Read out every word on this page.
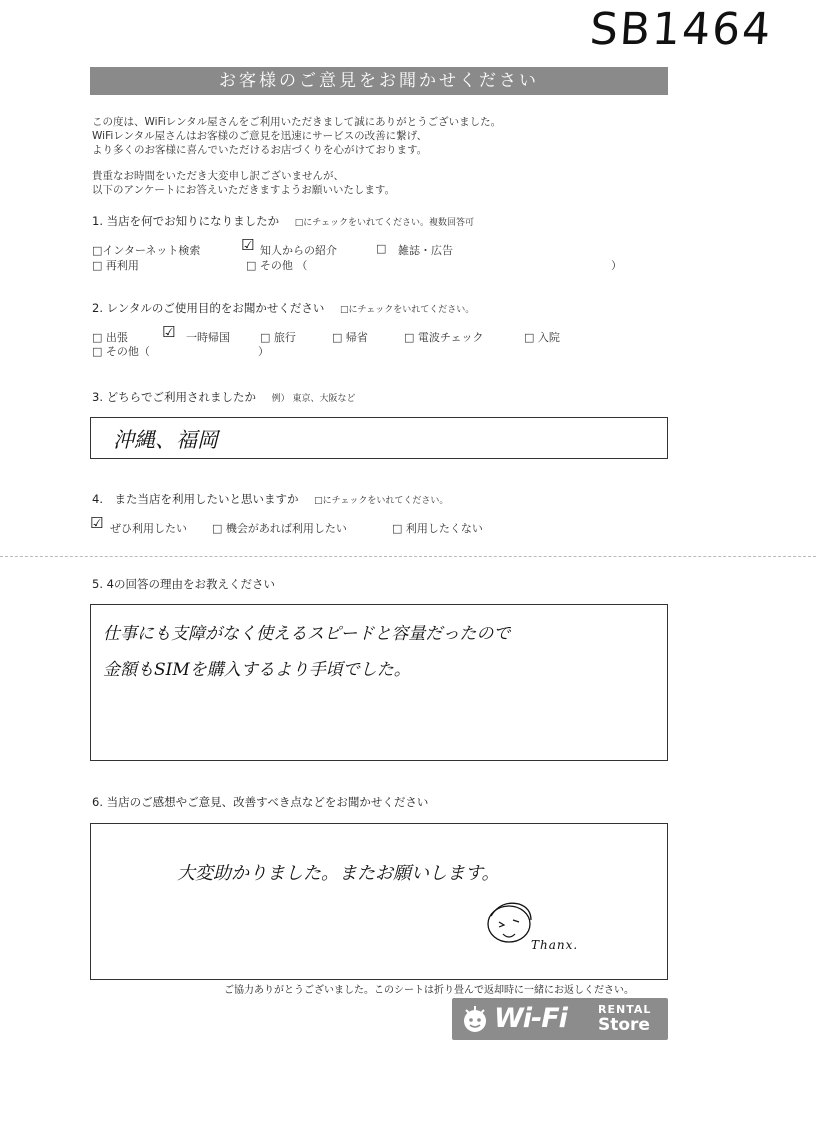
SB1464
お客様のご意見をお聞かせください
この度は、WiFiレンタル屋さんをご利用いただきまして誠にありがとうございました。
WiFiレンタル屋さんはお客様のご意見を迅速にサービスの改善に繋げ、
より多くのお客様に喜んでいただけるお店づくりを心がけております。
貴重なお時間をいただき大変申し訳ございませんが、
以下のアンケートにお答えいただきますようお願いいたします。
1. 当店を何でお知りになりましたか □にチェックをいれてください。複数回答可
□インターネット検索	☑ 知人からの紹介	□ 雑誌・広告
□ 再利用	□ その他 （	）
2. レンタルのご使用目的をお聞かせください □にチェックをいれてください。
□ 出張 ☑ 一時帰国	□ 旅行	□ 帰省	□ 電波チェック	□ 入院
□ その他（	）
3. どちらでご利用されましたか 例） 東京、大阪など
沖縄、福岡
4.　また当店を利用したいと思いますか □にチェックをいれてください。
☑ ぜひ利用したい □ 機会があれば利用したい	□ 利用したくない
5. 4の回答の理由をお教えください
仕事にも支障がなく使えるスピードと容量だったので
金額もSIMを購入するより手頃でした。
6. 当店のご感想やご意見、改善すべき点などをお聞かせください
大変助かりました。またお願いします。
Thanx.
ご協力ありがとうございました。このシートは折り畳んで返却時に一緒にお返しください。
Wi-Fi	RENTAL
Store
